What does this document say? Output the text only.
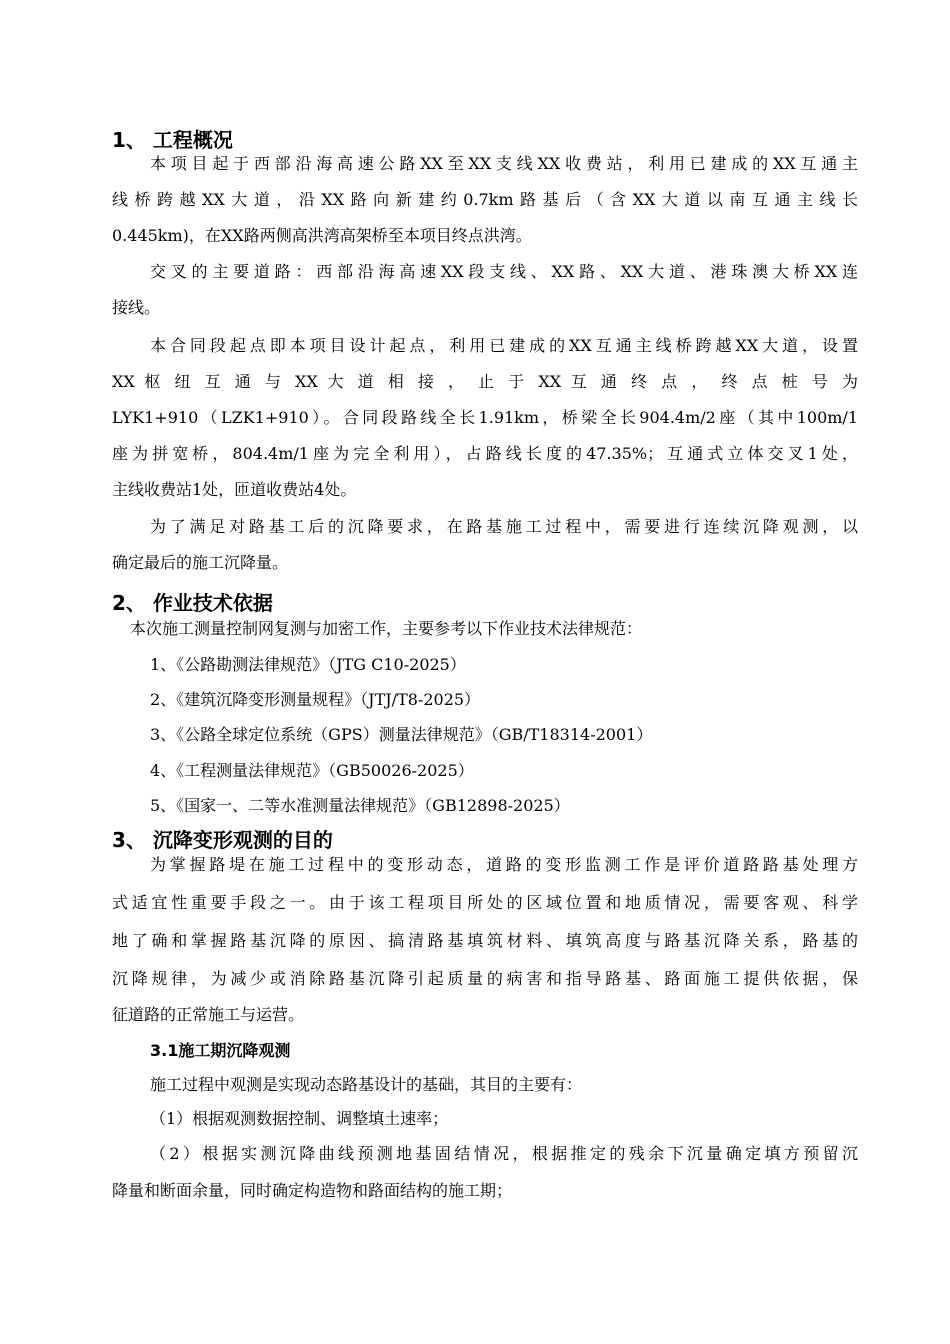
1、 工程概况
本项目起于西部沿海高速公路XX至XX支线XX收费站，利用已建成的XX互通主
线桥跨越XX大道，沿XX路向新建约0.7km路基后（含XX大道以南互通主线长
0.445km)，在XX路两侧高洪湾高架桥至本项目终点洪湾。
交叉的主要道路：西部沿海高速XX段支线、XX路、XX大道、港珠澳大桥XX连
接线。
本合同段起点即本项目设计起点，利用已建成的XX互通主线桥跨越XX大道，设置
XX 枢 纽 互 通 与 XX 大 道 相 接 ， 止 于 XX 互 通 终 点 ， 终 点 桩 号 为
LYK1+910（LZK1+910）。合同段路线全长1.91km，桥梁全长904.4m/2座（其中100m/1
座为拼宽桥，804.4m/1座为完全利用），占路线长度的47.35%；互通式立体交叉1处，
主线收费站1处，匝道收费站4处。
为了满足对路基工后的沉降要求，在路基施工过程中，需要进行连续沉降观测，以
确定最后的施工沉降量。
2、 作业技术依据
本次施工测量控制网复测与加密工作，主要参考以下作业技术法律规范：
1、《公路勘测法律规范》（JTG C10-2025）
2、《建筑沉降变形测量规程》（JTJ/T8-2025）
3、《公路全球定位系统（GPS）测量法律规范》（GB/T18314-2001）
4、《工程测量法律规范》（GB50026-2025）
5、《国家一、二等水准测量法律规范》（GB12898-2025）
3、 沉降变形观测的目的
为掌握路堤在施工过程中的变形动态，道路的变形监测工作是评价道路路基处理方
式适宜性重要手段之一。由于该工程项目所处的区域位置和地质情况，需要客观、科学
地了确和掌握路基沉降的原因、搞清路基填筑材料、填筑高度与路基沉降关系，路基的
沉降规律，为减少或消除路基沉降引起质量的病害和指导路基、路面施工提供依据，保
征道路的正常施工与运营。
3.1施工期沉降观测
施工过程中观测是实现动态路基设计的基础，其目的主要有：
（1）根据观测数据控制、调整填土速率；
（2）根据实测沉降曲线预测地基固结情况，根据推定的残余下沉量确定填方预留沉
降量和断面余量，同时确定构造物和路面结构的施工期；
